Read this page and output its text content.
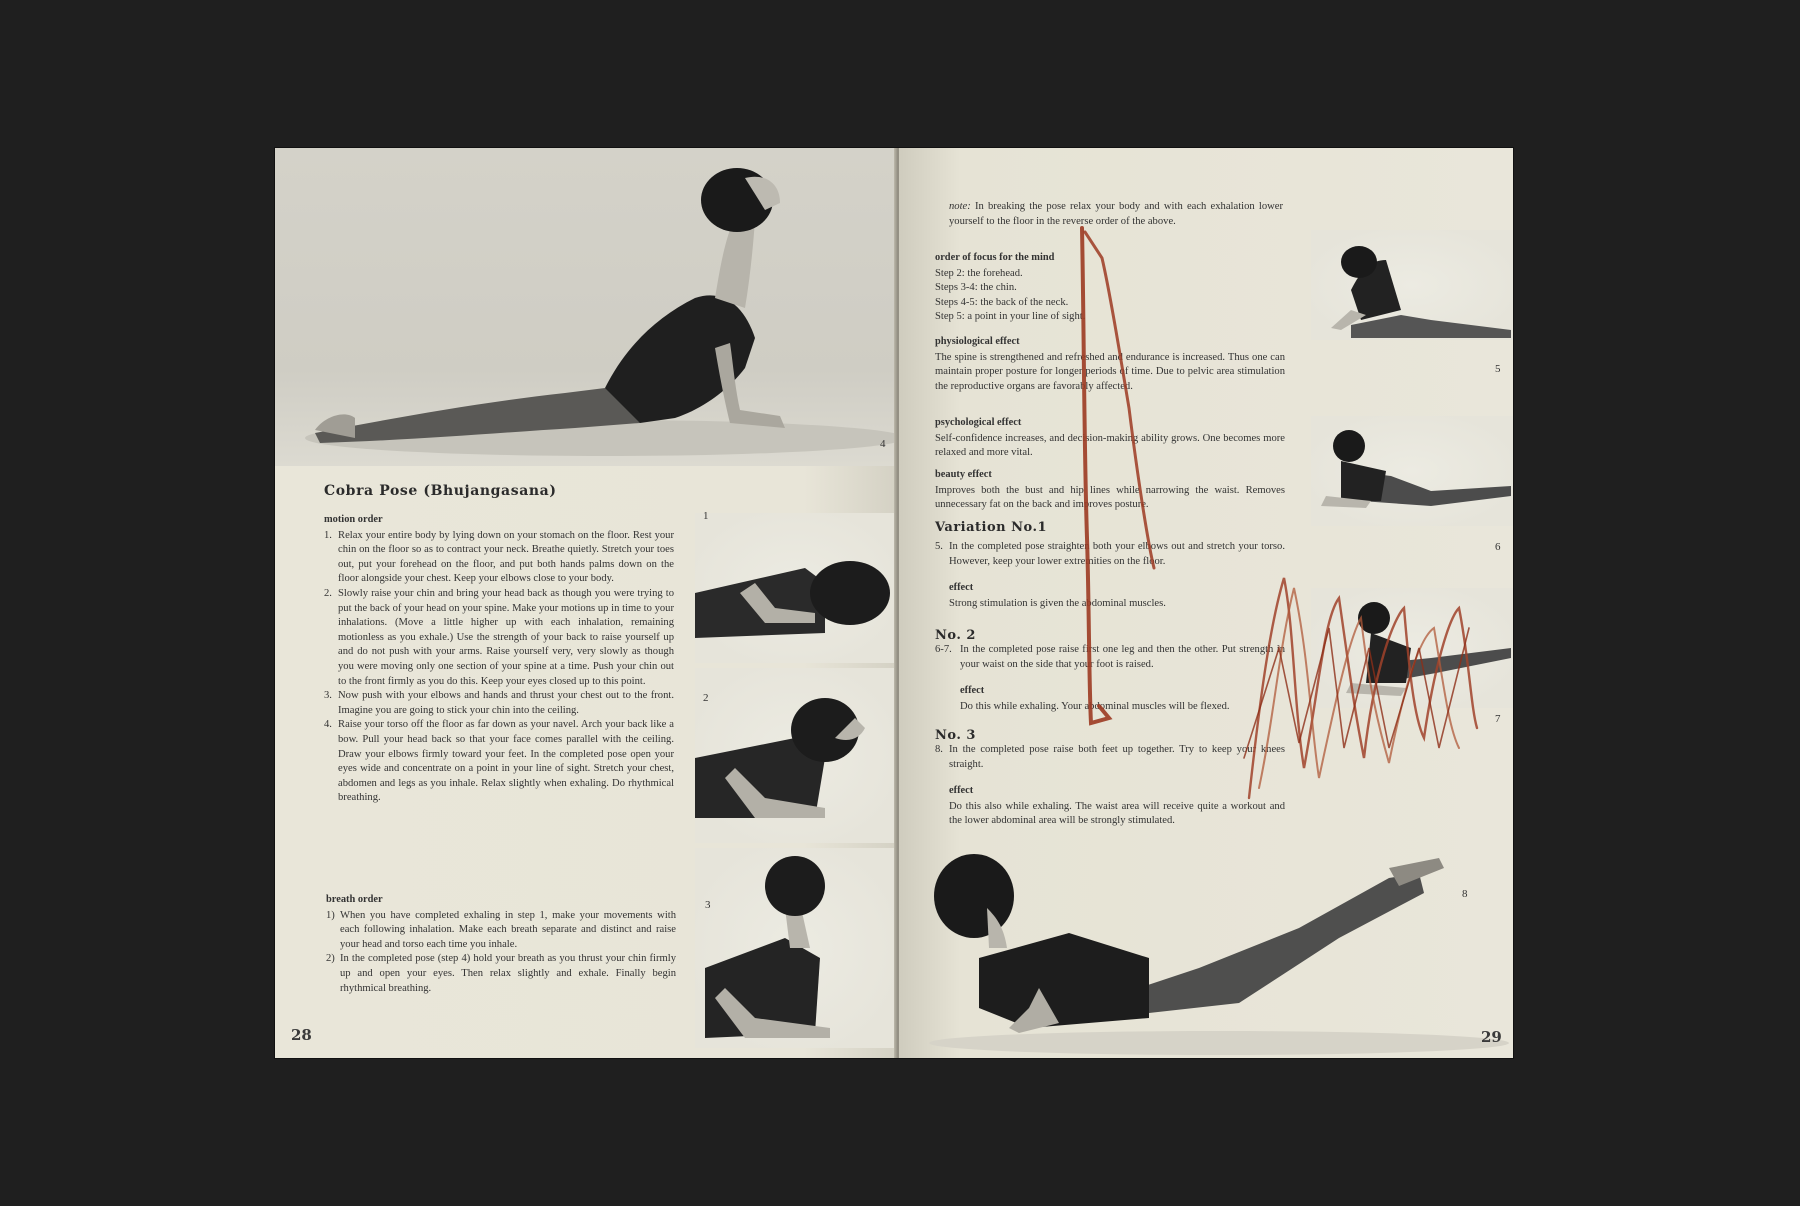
4
Cobra Pose (Bhujangasana)
1
2
3
motion order
1. Relax your entire body by lying down on your stomach on the floor. Rest your chin on the floor so as to contract your neck. Breathe quietly. Stretch your toes out, put your forehead on the floor, and put both hands palms down on the floor alongside your chest. Keep your elbows close to your body.
2. Slowly raise your chin and bring your head back as though you were trying to put the back of your head on your spine. Make your motions up in time to your inhalations. (Move a little higher up with each inhalation, remaining motionless as you exhale.) Use the strength of your back to raise yourself up and do not push with your arms. Raise yourself very, very slowly as though you were moving only one section of your spine at a time. Push your chin out to the front firmly as you do this. Keep your eyes closed up to this point.
3. Now push with your elbows and hands and thrust your chest out to the front. Imagine you are going to stick your chin into the ceiling.
4. Raise your torso off the floor as far down as your navel. Arch your back like a bow. Pull your head back so that your face comes parallel with the ceiling. Draw your elbows firmly toward your feet. In the completed pose open your eyes wide and concentrate on a point in your line of sight. Stretch your chest, abdomen and legs as you inhale. Relax slightly when exhaling. Do rhythmical breathing.
breath order
1) When you have completed exhaling in step 1, make your movements with each following inhalation. Make each breath separate and distinct and raise your head and torso each time you inhale.
2) In the completed pose (step 4) hold your breath as you thrust your chin firmly up and open your eyes. Then relax slightly and exhale. Finally begin rhythmical breathing.
28
note: In breaking the pose relax your body and with each exhalation lower yourself to the floor in the reverse order of the above.
order of focus for the mind
Step 2: the forehead.
Steps 3-4: the chin.
Steps 4-5: the back of the neck.
Step 5: a point in your line of sight.
physiological effect
The spine is strengthened and refreshed and endurance is increased. Thus one can maintain proper posture for longer periods of time. Due to pelvic area stimulation the reproductive organs are favorably affected.
psychological effect
Self-confidence increases, and decision-making ability grows. One becomes more relaxed and more vital.
beauty effect
Improves both the bust and hip lines while narrowing the waist. Removes unnecessary fat on the back and improves posture.
Variation No.1
5. In the completed pose straighten both your elbows out and stretch your torso. However, keep your lower extremities on the floor.
effect
Strong stimulation is given the abdominal muscles.
No. 2
6-7. In the completed pose raise first one leg and then the other. Put strength in your waist on the side that your foot is raised.
effect
Do this while exhaling. Your abdominal muscles will be flexed.
No. 3
8. In the completed pose raise both feet up together. Try to keep your knees straight.
effect
Do this also while exhaling. The waist area will receive quite a workout and the lower abdominal area will be strongly stimulated.
5
6
7
8
29
